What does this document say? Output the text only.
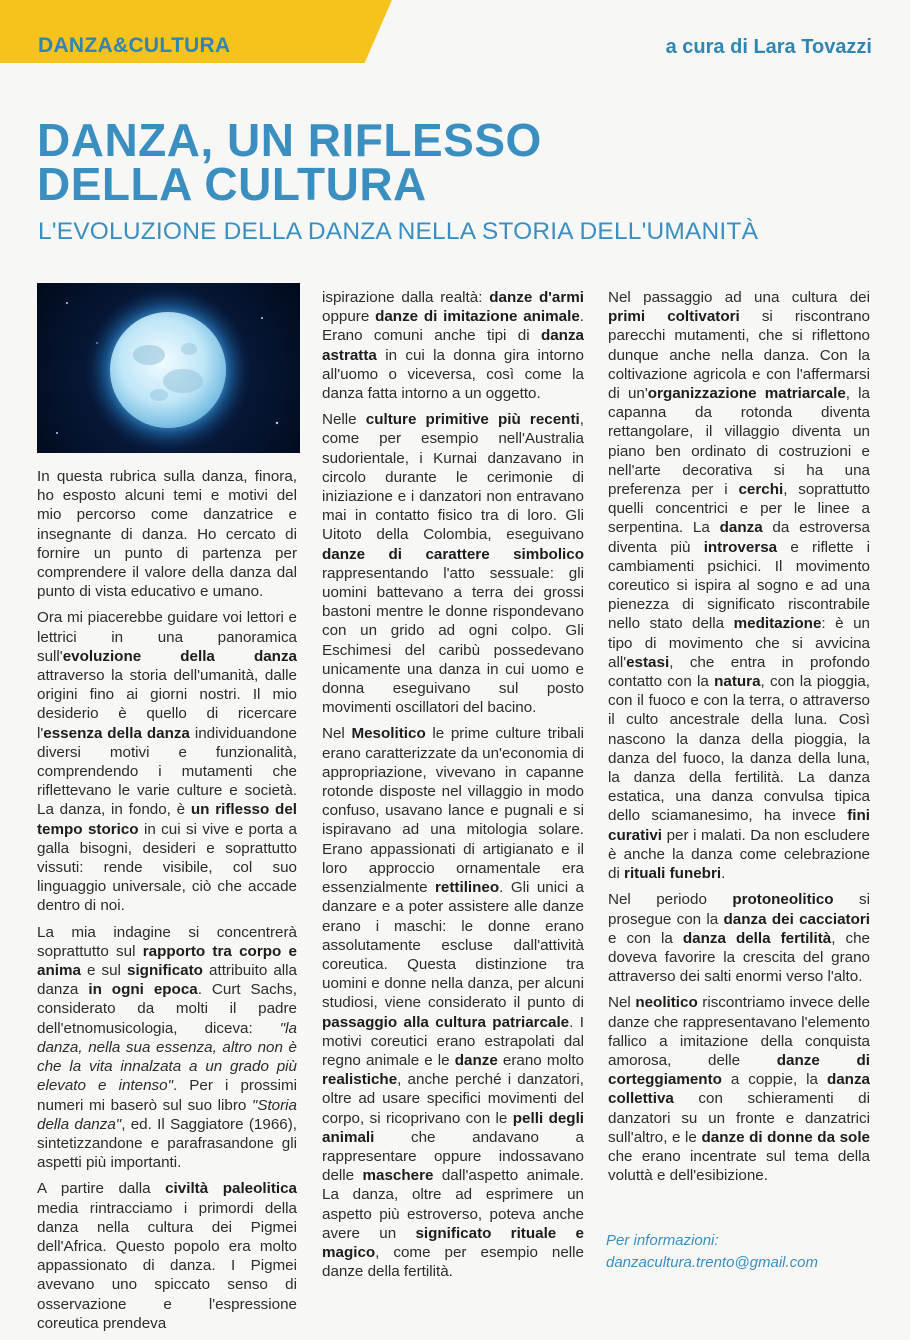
DANZA&CULTURA	a cura di Lara Tovazzi
DANZA, UN RIFLESSO
DELLA CULTURA
L'EVOLUZIONE DELLA DANZA NELLA STORIA DELL'UMANITÀ

In questa rubrica sulla danza, finora, ho esposto alcuni temi e motivi del mio percorso come danzatrice e insegnante di danza. Ho cercato di fornire un punto di partenza per comprendere il valore della danza dal punto di vista educativo e umano.

Ora mi piacerebbe guidare voi lettori e lettrici in una panoramica sull'evoluzione della danza attraverso la storia dell'umanità, dalle origini fino ai giorni nostri. Il mio desiderio è quello di ricercare l'essenza della danza individuandone diversi motivi e funzionalità, comprendendo i mutamenti che riflettevano le varie culture e società. La danza, in fondo, è un riflesso del tempo storico in cui si vive e porta a galla bisogni, desideri e soprattutto vissuti: rende visibile, col suo linguaggio universale, ciò che accade dentro di noi.

La mia indagine si concentrerà soprattutto sul rapporto tra corpo e anima e sul significato attribuito alla danza in ogni epoca. Curt Sachs, considerato da molti il padre dell'etnomusicologia, diceva: "la danza, nella sua essenza, altro non è che la vita innalzata a un grado più elevato e intenso". Per i prossimi numeri mi baserò sul suo libro "Storia della danza", ed. Il Saggiatore (1966), sintetizzandone e parafrasandone gli aspetti più importanti.

A partire dalla civiltà paleolitica media rintracciamo i primordi della danza nella cultura dei Pigmei dell'Africa. Questo popolo era molto appassionato di danza. I Pigmei avevano uno spiccato senso di osservazione e l'espressione coreutica prendeva

ispirazione dalla realtà: danze d'armi oppure danze di imitazione animale. Erano comuni anche tipi di danza astratta in cui la donna gira intorno all'uomo o viceversa, così come la danza fatta intorno a un oggetto.

Nelle culture primitive più recenti, come per esempio nell'Australia sudorientale, i Kurnai danzavano in circolo durante le cerimonie di iniziazione e i danzatori non entravano mai in contatto fisico tra di loro. Gli Uitoto della Colombia, eseguivano danze di carattere simbolico rappresentando l'atto sessuale: gli uomini battevano a terra dei grossi bastoni mentre le donne rispondevano con un grido ad ogni colpo. Gli Eschimesi del caribù possedevano unicamente una danza in cui uomo e donna eseguivano sul posto movimenti oscillatori del bacino.

Nel Mesolitico le prime culture tribali erano caratterizzate da un'economia di appropriazione, vivevano in capanne rotonde disposte nel villaggio in modo confuso, usavano lance e pugnali e si ispiravano ad una mitologia solare. Erano appassionati di artigianato e il loro approccio ornamentale era essenzialmente rettilineo. Gli unici a danzare e a poter assistere alle danze erano i maschi: le donne erano assolutamente escluse dall'attività coreutica. Questa distinzione tra uomini e donne nella danza, per alcuni studiosi, viene considerato il punto di passaggio alla cultura patriarcale. I motivi coreutici erano estrapolati dal regno animale e le danze erano molto realistiche, anche perché i danzatori, oltre ad usare specifici movimenti del corpo, si ricoprivano con le pelli degli animali che andavano a rappresentare oppure indossavano delle maschere dall'aspetto animale. La danza, oltre ad esprimere un aspetto più estroverso, poteva anche avere un significato rituale e magico, come per esempio nelle danze della fertilità.

Nel passaggio ad una cultura dei primi coltivatori si riscontrano parecchi mutamenti, che si riflettono dunque anche nella danza. Con la coltivazione agricola e con l'affermarsi di un'organizzazione matriarcale, la capanna da rotonda diventa rettangolare, il villaggio diventa un piano ben ordinato di costruzioni e nell'arte decorativa si ha una preferenza per i cerchi, soprattutto quelli concentrici e per le linee a serpentina. La danza da estroversa diventa più introversa e riflette i cambiamenti psichici. Il movimento coreutico si ispira al sogno e ad una pienezza di significato riscontrabile nello stato della meditazione: è un tipo di movimento che si avvicina all'estasi, che entra in profondo contatto con la natura, con la pioggia, con il fuoco e con la terra, o attraverso il culto ancestrale della luna. Così nascono la danza della pioggia, la danza del fuoco, la danza della luna, la danza della fertilità. La danza estatica, una danza convulsa tipica dello sciamanesimo, ha invece fini curativi per i malati. Da non escludere è anche la danza come celebrazione di rituali funebri.

Nel periodo protoneolitico si prosegue con la danza dei cacciatori e con la danza della fertilità, che doveva favorire la crescita del grano attraverso dei salti enormi verso l'alto.

Nel neolitico riscontriamo invece delle danze che rappresentavano l'elemento fallico a imitazione della conquista amorosa, delle danze di corteggiamento a coppie, la danza collettiva con schieramenti di danzatori su un fronte e danzatrici sull'altro, e le danze di donne da sole che erano incentrate sul tema della voluttà e dell'esibizione.

Per informazioni:
danzacultura.trento@gmail.com
